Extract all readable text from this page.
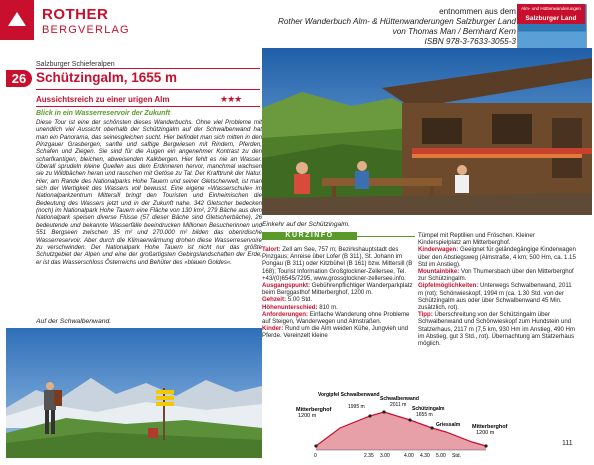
ROTHER
BERGVERLAG
entnommen aus dem
Rother Wanderbuch Alm- & Hüttenwanderungen Salzburger Land
von Thomas Man / Bernhard Kern
ISBN 978-3-7633-3055-3
Alm- und Hüttenwanderungen
Salzburger Land
Salzburger Schieferalpen
26 Schützingalm, 1655 m
Aussichtsreich zu einer urigen Alm	★★★
Blick in ein Wasserreservoir der Zukunft
Diese Tour ist eine der schönsten dieses Wanderbuchs. Ohne viel Probleme mit unendlich viel Aussicht oberhalb der Schützingalm auf der Schwalbenwand hat man ein Panorama, das seinesgleichen sucht. Hier befindet man sich mitten in den Pinzgauer Grasbergen, sanfte und saftige Bergwiesen mit Rindern, Pferden, Schafen und Ziegen. Sie sind für die Augen ein angenehmer Kontrast zu den scharfkantigen, bleichen, abweisenden Kalkbergen. Hier fehlt es nie an Wasser. Überall sprudeln kleine Quellen aus dem Erdinneren hervor, manchmal wachsen sie zu Wildbächen heran und rauschen mit Getöse zu Tal. Der Krafttrunk der Natur. Hier, am Rande des Nationalparks Hohe Tauern und seiner Gletscherwelt, ist man sich der Wertigkeit des Wassers voll bewusst. Eine eigene »Wasserschule« im Nationalparkzentrum Mittersill bringt den Touristen und Einheimischen die Bedeutung des Wassers jetzt und in der Zukunft nahe. 342 Gletscher bedecken (noch) im Nationalpark Hohe Tauern eine Fläche von 130 km², 279 Bäche aus dem Nationalpark speisen diverse Flüsse (57 dieser Bäche sind Gletscherbäche), 26 bedeutende und bekannte Wasserfälle beeindrucken Millionen Besucherinnen und 551 Bergseen zwischen 35 m² und 270.000 m² bilden das oberirdische Wasserreservoir. Aber durch die Klimaerwärmung drohen diese Wasserreservoire zu verschwinden. Der Nationalpark Hohe Tauern ist nicht nur das größte Schutzgebiet der Alpen und eine der großartigsten Gebirgslandschaften der Erde, er ist das Wasserschloss Österreichs und Behüter des »blauen Goldes«.
Auf der Schwalbenwand.
Einkehr auf der Schützingalm.
KURZINFO
Talort: Zell am See, 757 m; Bezirkshauptstadt des Pinzgaus; Anreise über Lofer (B 311), St. Johann im Pongau (B 311) oder Kitzbühel (B 161) bzw. Mittersill (B 168); Tourist Information Großglockner-Zellersee, Tel. +43/(0)6545/7295, www.grossglockner-zellersee.info.
Ausgangspunkt: Gebührenpflichtiger Wanderparkplatz beim Berggasthof Mitterberghof, 1200 m.
Gehzeit: 5.00 Std.
Höhenunterschied: 810 m.
Anforderungen: Einfache Wanderung ohne Probleme auf Steigen, Wanderwegen und Almstraßen.
Kinder: Rund um die Alm weiden Kühe, Jungvieh und Pferde. Vereinzelt kleine
Tümpel mit Reptilien und Fröschen. Kleiner Kinderspielplatz am Mitterberghof.
Kinderwagen: Geeignet für geländegängige Kinderwagen über den Abstiegsweg (Almstraße, 4 km; 500 Hm, ca. 1.15 Std im Anstieg).
Mountainbike: Von Thumersbach über den Mitterberghof zur Schützingalm.
Gipfelmöglichkeiten: Unterwegs Schwalbenwand, 2011 m (rot); Schönwieskopf, 1994 m (ca. 1.30 Std. von der Schützingalm aus oder über Schwalbenwand 45 Min. zusätzlich, rot).
Tipp: Überschreitung von der Schützingalm über Schwalbenwand und Schönwieskopf zum Hundstein und Statzerhaus, 2117 m (7,5 km, 930 Hm im Anstieg, 490 Hm im Abstieg, gut 3 Std., rot). Übernachtung am Statzerhaus möglich.
Mitterberghof
1200 m
Vorgipfel Schwalbenwand
1995 m
Schwalbenwand
2011 m
Schützingalm
1655 m
Griessalm Mitterberghof
1200 m
0	2.35 3.00	4.00 4.30 5.00 Std.
111
